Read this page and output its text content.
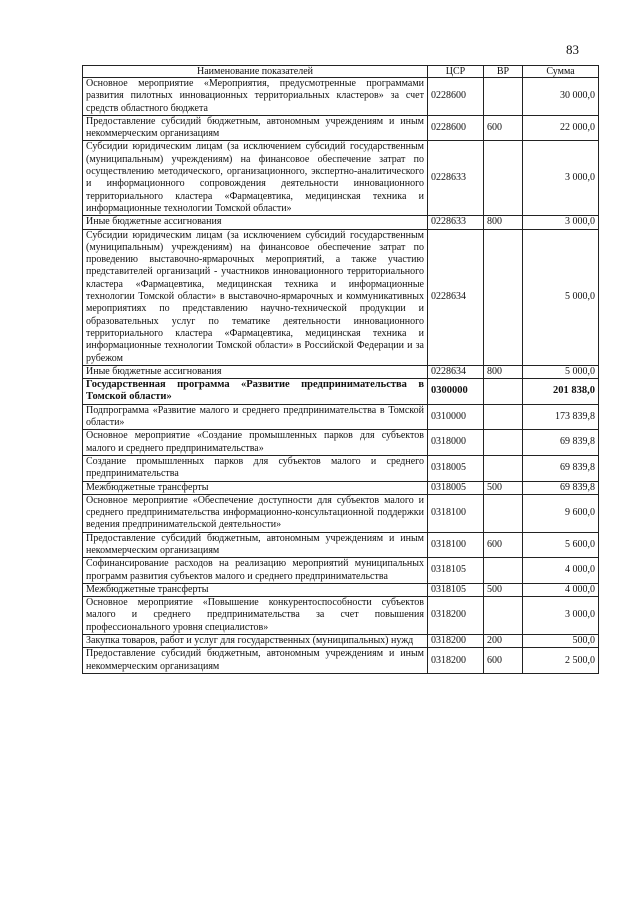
83
Наименование показателей	ЦСР	ВР	Сумма
Основное мероприятие «Мероприятия, предусмотренные программами развития пилотных инновационных территориальных кластеров» за счет средств областного бюджета	0228600		30 000,0
Предоставление субсидий бюджетным, автономным учреждениям и иным некоммерческим организациям	0228600	600	22 000,0
Субсидии юридическим лицам (за исключением субсидий государственным (муниципальным) учреждениям) на финансовое обеспечение затрат по осуществлению методического, организационного, экспертно-аналитического и информационного сопровождения деятельности инновационного территориального кластера «Фармацевтика, медицинская техника и информационные технологии Томской области»	0228633		3 000,0
Иные бюджетные ассигнования	0228633	800	3 000,0
Субсидии юридическим лицам (за исключением субсидий государственным (муниципальным) учреждениям) на финансовое обеспечение затрат по проведению выставочно-ярмарочных мероприятий, а также участию представителей организаций - участников инновационного территориального кластера «Фармацевтика, медицинская техника и информационные технологии Томской области» в выставочно-ярмарочных и коммуникативных мероприятиях по представлению научно-технической продукции и образовательных услуг по тематике деятельности инновационного территориального кластера «Фармацевтика, медицинская техника и информационные технологии Томской области» в Российской Федерации и за рубежом	0228634		5 000,0
Иные бюджетные ассигнования	0228634	800	5 000,0
Государственная программа «Развитие предпринимательства в Томской области»	0300000		201 838,0
Подпрограмма «Развитие малого и среднего предпринимательства в Томской области»	0310000		173 839,8
Основное мероприятие «Создание промышленных парков для субъектов малого и среднего предпринимательства»	0318000		69 839,8
Создание промышленных парков для субъектов малого и среднего предпринимательства	0318005		69 839,8
Межбюджетные трансферты	0318005	500	69 839,8
Основное мероприятие «Обеспечение доступности для субъектов малого и среднего предпринимательства информационно-консультационной поддержки ведения предпринимательской деятельности»	0318100		9 600,0
Предоставление субсидий бюджетным, автономным учреждениям и иным некоммерческим организациям	0318100	600	5 600,0
Софинансирование расходов на реализацию мероприятий муниципальных программ развития субъектов малого и среднего предпринимательства	0318105		4 000,0
Межбюджетные трансферты	0318105	500	4 000,0
Основное мероприятие «Повышение конкурентоспособности субъектов малого и среднего предпринимательства за счет повышения профессионального уровня специалистов»	0318200		3 000,0
Закупка товаров, работ и услуг для государственных (муниципальных) нужд	0318200	200	500,0
Предоставление субсидий бюджетным, автономным учреждениям и иным некоммерческим организациям	0318200	600	2 500,0
